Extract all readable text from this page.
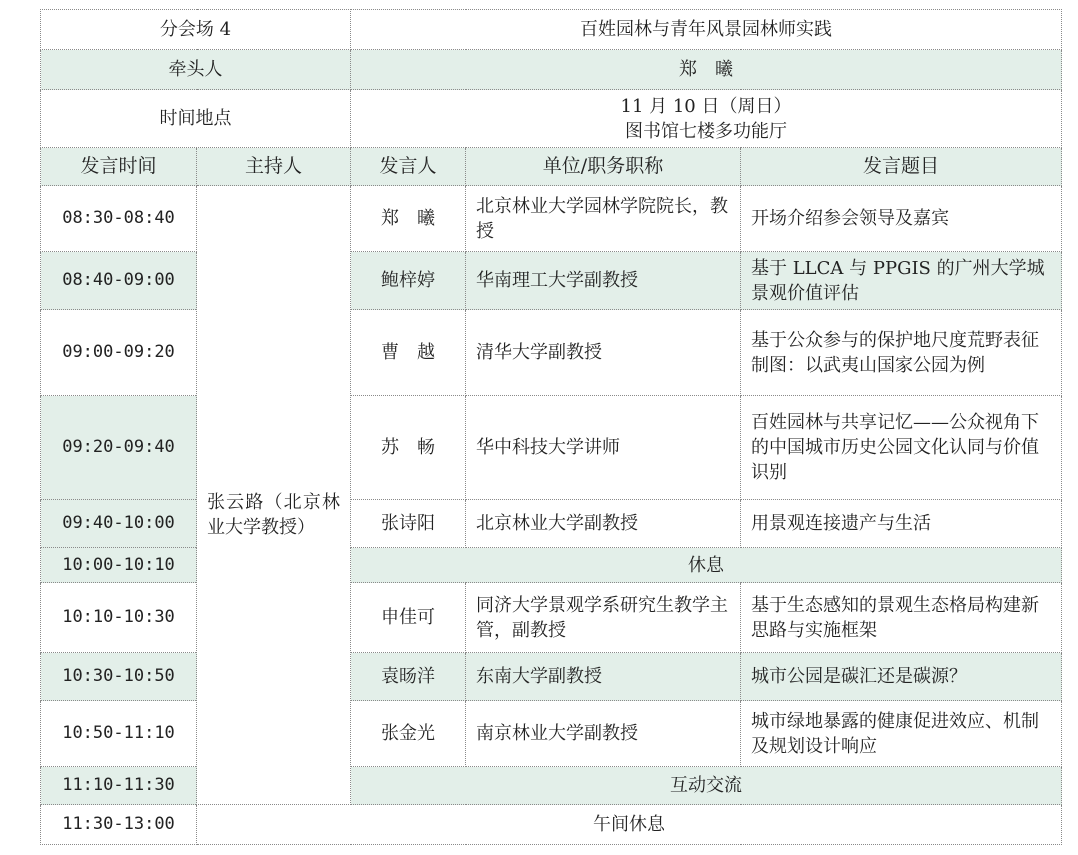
分会场 4		百姓园林与青年风景园林师实践		
牵头人		郑　曦		
时间地点		11 月 10 日（周日）
图书馆七楼多功能厅		

发言时间	主持人	发言人	单位/职务职称	发言题目
08:30-08:40	张云路（北京林业大学教授）	郑　曦	北京林业大学园林学院院长，教授	开场介绍参会领导及嘉宾
08:40-09:00		鲍梓婷	华南理工大学副教授	基于 LLCA 与 PPGIS 的广州大学城景观价值评估
09:00-09:20		曹　越	清华大学副教授	基于公众参与的保护地尺度荒野表征制图：以武夷山国家公园为例
09:20-09:40		苏　畅	华中科技大学讲师	百姓园林与共享记忆——公众视角下的中国城市历史公园文化认同与价值识别
09:40-10:00		张诗阳	北京林业大学副教授	用景观连接遗产与生活
10:00-10:10		休息		
10:10-10:30		申佳可	同济大学景观学系研究生教学主管，副教授	基于生态感知的景观生态格局构建新思路与实施框架
10:30-10:50		袁旸洋	东南大学副教授	城市公园是碳汇还是碳源？
10:50-11:10		张金光	南京林业大学副教授	城市绿地暴露的健康促进效应、机制及规划设计响应
11:10-11:30		互动交流		
11:30-13:00	午间休息			
